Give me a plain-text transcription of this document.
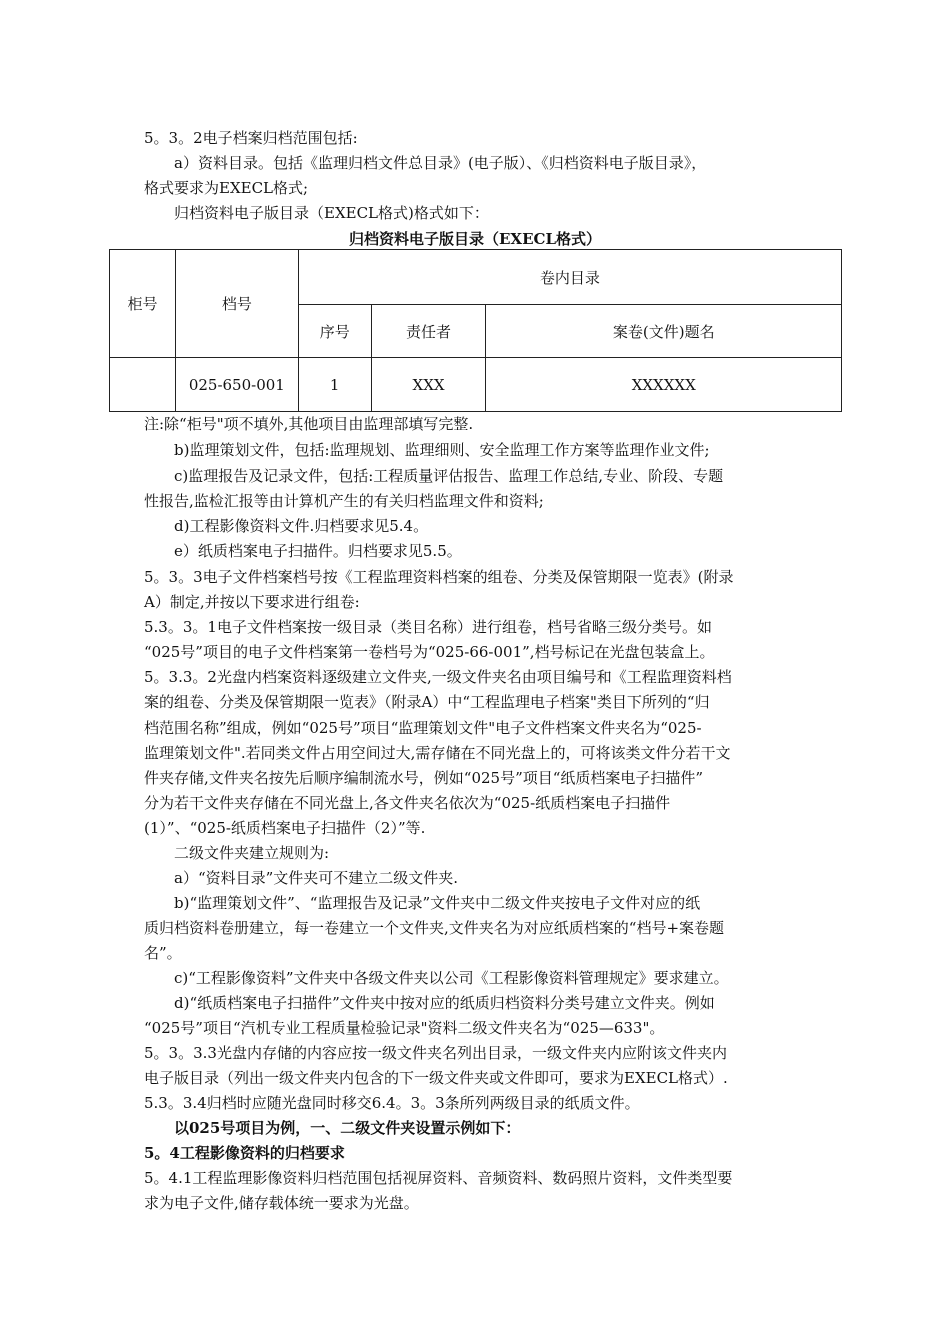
5。3。2电子档案归档范围包括:
a）资料目录。包括《监理归档文件总目录》(电子版）、《归档资料电子版目录》，
格式要求为EXECL格式;
归档资料电子版目录（EXECL格式)格式如下：
归档资料电子版目录（EXECL格式）
柜号	档号	卷内目录		
		序号	责任者	案卷(文件)题名
	025-650-001	1	XXX	XXXXXX
注:除“柜号"项不填外,其他项目由监理部填写完整.
b)监理策划文件，包括:监理规划、监理细则、安全监理工作方案等监理作业文件;
c)监理报告及记录文件，包括:工程质量评估报告、监理工作总结,专业、阶段、专题
性报告,监检汇报等由计算机产生的有关归档监理文件和资料;
d)工程影像资料文件.归档要求见5.4。
e）纸质档案电子扫描件。归档要求见5.5。
5。3。3电子文件档案档号按《工程监理资料档案的组卷、分类及保管期限一览表》(附录
A）制定,并按以下要求进行组卷:
5.3。3。1电子文件档案按一级目录（类目名称）进行组卷，档号省略三级分类号。如
“025号”项目的电子文件档案第一卷档号为“025-66-001”,档号标记在光盘包装盒上。
5。3.3。2光盘内档案资料逐级建立文件夹,一级文件夹名由项目编号和《工程监理资料档
案的组卷、分类及保管期限一览表》（附录A）中“工程监理电子档案"类目下所列的“归
档范围名称”组成，例如“025号”项目“监理策划文件"电子文件档案文件夹名为“025-
监理策划文件".若同类文件占用空间过大,需存储在不同光盘上的，可将该类文件分若干文
件夹存储,文件夹名按先后顺序编制流水号，例如“025号”项目“纸质档案电子扫描件”
分为若干文件夹存储在不同光盘上,各文件夹名依次为“025-纸质档案电子扫描件
(1）”、“025-纸质档案电子扫描件（2）”等.
二级文件夹建立规则为:
a）“资料目录”文件夹可不建立二级文件夹.
b)“监理策划文件”、“监理报告及记录”文件夹中二级文件夹按电子文件对应的纸
质归档资料卷册建立，每一卷建立一个文件夹,文件夹名为对应纸质档案的“档号+案卷题
名”。
c)“工程影像资料”文件夹中各级文件夹以公司《工程影像资料管理规定》要求建立。
d)“纸质档案电子扫描件”文件夹中按对应的纸质归档资料分类号建立文件夹。例如
“025号”项目“汽机专业工程质量检验记录"资料二级文件夹名为“025—633"。
5。3。3.3光盘内存储的内容应按一级文件夹名列出目录，一级文件夹内应附该文件夹内
电子版目录（列出一级文件夹内包含的下一级文件夹或文件即可，要求为EXECL格式）.
5.3。3.4归档时应随光盘同时移交6.4。3。3条所列两级目录的纸质文件。
以025号项目为例，一、二级文件夹设置示例如下：
5。4工程影像资料的归档要求
5。4.1工程监理影像资料归档范围包括视屏资料、音频资料、数码照片资料，文件类型要
求为电子文件,储存载体统一要求为光盘。
